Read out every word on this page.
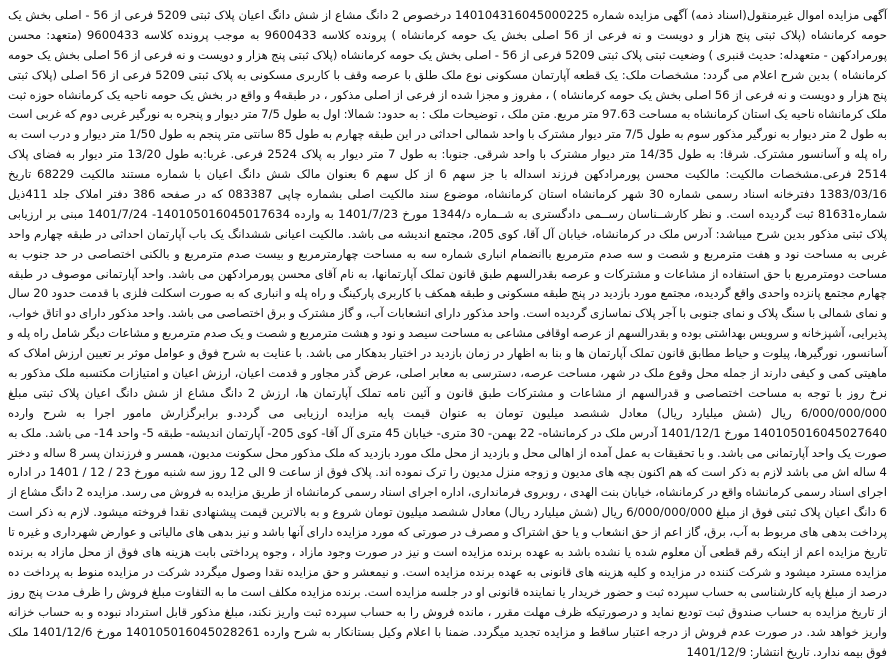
آگهی مزایده اموال غیرمنقول(اسناد ذمه) آگهی مزایده شماره 140104316045000225 درخصوص 2 دانگ مشاع از شش دانگ اعیان پلاک ثبتی 5209 فرعی از 56 - اصلی بخش یک حومه کرمانشاه (پلاک ثبتی پنج هزار و دویست و نه فرعی از 56 اصلی بخش یک حومه کرمانشاه ) پرونده کلاسه 9600433 به موجب پرونده کلاسه 9600433 (متعهد: محسن پورمرادکهن - متعهدله: حدیث قنبری ) وضعیت ثبتی پلاک ثبتی 5209 فرعی از 56 - اصلی بخش یک حومه کرمانشاه (پلاک ثبتی پنج هزار و دویست و نه فرعی از 56 اصلی بخش یک حومه کرمانشاه ) بدین شرح اعلام می گردد: مشخصات ملک: یک قطعه آپارتمان مسکونی نوع ملک طلق با عرصه وقف با کاربری مسکونی به پلاک ثبتی 5209 فرعی از 56 اصلی (پلاک ثبتی پنج هزار و دویست و نه فرعی از 56 اصلی بخش یک حومه کرمانشاه ) ، مفروز و مجزا شده از فرعی از اصلی مذکور ، در طبقه4 و واقع در بخش یک حومه ناحیه یک کرمانشاه حوزه ثبت ملک کرمانشاه ناحیه یک استان کرمانشاه به مساحت 97.63 متر مربع. متن ملک ، توضیحات ملک : به حدود: شمالا: اول به طول 7/5 متر دیوار و پنجره به نورگیر غربی دوم که غربی است به طول 2 متر دیوار به نورگیر مذکور سوم به طول 7/5 متر دیوار مشترک با واحد شمالی احداثی در این طبقه چهارم به طول 85 سانتی متر پنجم به طول 1/50 متر دیوار و درب است به راه پله و آسانسور مشترک. شرقا: به طول 14/35 متر دیوار مشترک با واحد شرقی. جنوبا: به طول 7 متر دیوار به پلاک 2524 فرعی. غربا:به طول 13/20 متر دیوار به فضای پلاک 2514 فرعی.مشخصات مالکیت: مالکیت محسن پورمرادکهن فرزند اسداله با جز سهم 6 از کل سهم 6 بعنوان مالک شش دانگ اعیان با شماره مستند مالکیت 68229 تاریخ 1383/03/16 دفترخانه اسناد رسمی شماره 30 شهر کرمانشاه استان کرمانشاه، موضوع سند مالکیت اصلی بشماره چاپی 083387 که در صفحه 386 دفتر املاک جلد 411ذیل شماره81631 ثبت گردیده است. و نظر کارشــناسان رســمی دادگستری به شــماره د/1344 مورخ 1401/7/23 به وارده 140105016045017634- 1401/7/24 مبنی بر ارزیابی پلاک ثبتی مذکور بدین شرح میباشد: آدرس ملک در کرمانشاه، خیابان آل آقا، کوی 205، مجتمع اندیشه می باشد. مالکیت اعیانی ششدانگ یک باب آپارتمان احداثی در طبقه چهارم واحد غربی به مساحت نود و هفت مترمربع و شصت و سه صدم مترمربع باانضمام انباری شماره سه به مساحت چهارمترمربع و بیست صدم مترمربع و بالکنی اختصاصی در حد جنوب به مساحت دومترمربع با حق استفاده از مشاعات و مشترکات و عرصه بقدرالسهم طبق قانون تملک آپارتمانها، به نام آقای محسن پورمرادکهن می باشد. واحد آپارتمانی موصوف در طبقه چهارم مجتمع پانزده واحدی واقع گردیده، مجتمع مورد بازدید در پنج طبقه مسکونی و طبقه همکف با کاربری پارکینگ و راه پله و انباری که به صورت اسکلت فلزی با قدمت حدود 20 سال و نمای شمالی با سنگ پلاک و نمای جنوبی با آجر پلاک نماسازی گردیده است. واحد مذکور دارای انشعابات آب، و گاز مشترک و برق اختصاصی می باشد. واحد مذکور دارای دو اتاق خواب، پذیرایی، آشپزخانه و سرویس بهداشتی بوده و بقدرالسهم از عرصه اوقافی مشاعی به مساحت سیصد و نود و هشت مترمربع و شصت و یک صدم مترمربع و مشاعات دیگر شامل راه پله و آسانسور، نورگیرها، پیلوت و حیاط مطابق قانون تملک آپارتمان ها و بنا به اظهار در زمان بازدید در اختیار بدهکار می باشد. با عنایت به شرح فوق و عوامل موثر بر تعیین ارزش املاک که ماهیتی کمی و کیفی دارند از جمله محل وقوع ملک در شهر، مساحت عرصه، دسترسی به معابر اصلی، عرض گذر مجاور و قدمت اعیان، ارزش اعیان و امتیازات مکتسبه ملک مذکور به نرخ روز با توجه به مساحت اختصاصی و قدرالسهم از مشاعات و مشترکات طبق قانون و آئین نامه تملک آپارتمان ها، ارزش 2 دانگ مشاع از شش دانگ اعیان پلاک ثبتی مبلغ 6/000/000/000 ریال (شش میلیارد ریال) معادل ششصد میلیون تومان به عنوان قیمت پایه مزایده ارزیابی می گردد.و برابرگزارش مامور اجرا به شرح وارده 140105016045027640 مورخ 1401/12/1 آدرس ملک در کرمانشاه- 22 بهمن- 30 متری- خیابان 45 متری آل آقا- کوی 205- آپارتمان اندیشه- طبقه 5- واحد 14- می باشد. ملک به صورت یک واحد آپارتمانی می باشد. و با تحقیقات به عمل آمده از اهالی محل و بازدید از محل ملک مورد بازدید که ملک مذکور محل سکونت مدیون، همسر و فرزندان پسر 8 ساله و دختر 4 ساله اش می باشد لازم به ذکر است که هم اکنون بچه های مدیون و زوجه منزل مدیون را ترک نموده اند. پلاک فوق از ساعت 9 الی 12 روز سه شنبه مورخ 23 / 12 / 1401 در اداره اجرای اسناد رسمی کرمانشاه واقع در کرمانشاه، خیابان بنت الهدی ، روبروی فرمانداری، اداره اجرای اسناد رسمی کرمانشاه از طریق مزایده به فروش می رسد. مزایده 2 دانگ مشاع از 6 دانگ اعیان پلاک ثبتی فوق از مبلغ 6/000/000/000 ریال (شش میلیارد ریال) معادل ششصد میلیون تومان شروع و به بالاترین قیمت پیشنهادی نقدا فروخته میشود. لازم به ذکر است پرداخت بدهی های مربوط به آب، برق، گاز اعم از حق انشعاب و یا حق اشتراک و مصرف در صورتی که مورد مزایده دارای آنها باشد و نیز بدهی های مالیاتی و عوارض شهرداری و غیره تا تاریخ مزایده اعم از اینکه رقم قطعی آن معلوم شده یا نشده باشد به عهده برنده مزایده است و نیز در صورت وجود مازاد ، وجوه پرداختی بابت هزینه های فوق از محل مازاد به برنده مزایده مسترد میشود و شرکت کننده در مزایده و کلیه هزینه های قانونی به عهده برنده مزایده است. و نیمعشر و حق مزایده نقدا وصول میگردد شرکت در مزایده منوط به پرداخت ده درصد از مبلغ پایه کارشناسی به حساب سپرده ثبت و حضور خریدار یا نماینده قانونی او در جلسه مزایده است. برنده مزایده مکلف است ما به التفاوت مبلغ فروش را ظرف مدت پنج روز از تاریخ مزایده به حساب صندوق ثبت تودیع نماید و درصورتیکه ظرف مهلت مقرر ، مانده فروش را به حساب سپرده ثبت واریز نکند، مبلغ مذکور قابل استرداد نبوده و به حساب خزانه واریز خواهد شد. در صورت عدم فروش از درجه اعتبار ساقط و مزایده تجدید میگردد. ضمنا با اعلام وکیل بستانکار به شرح وارده 140105016045028261 مورخ 1401/12/6 ملک فوق بیمه ندارد. تاریخ انتشار: 1401/12/9
